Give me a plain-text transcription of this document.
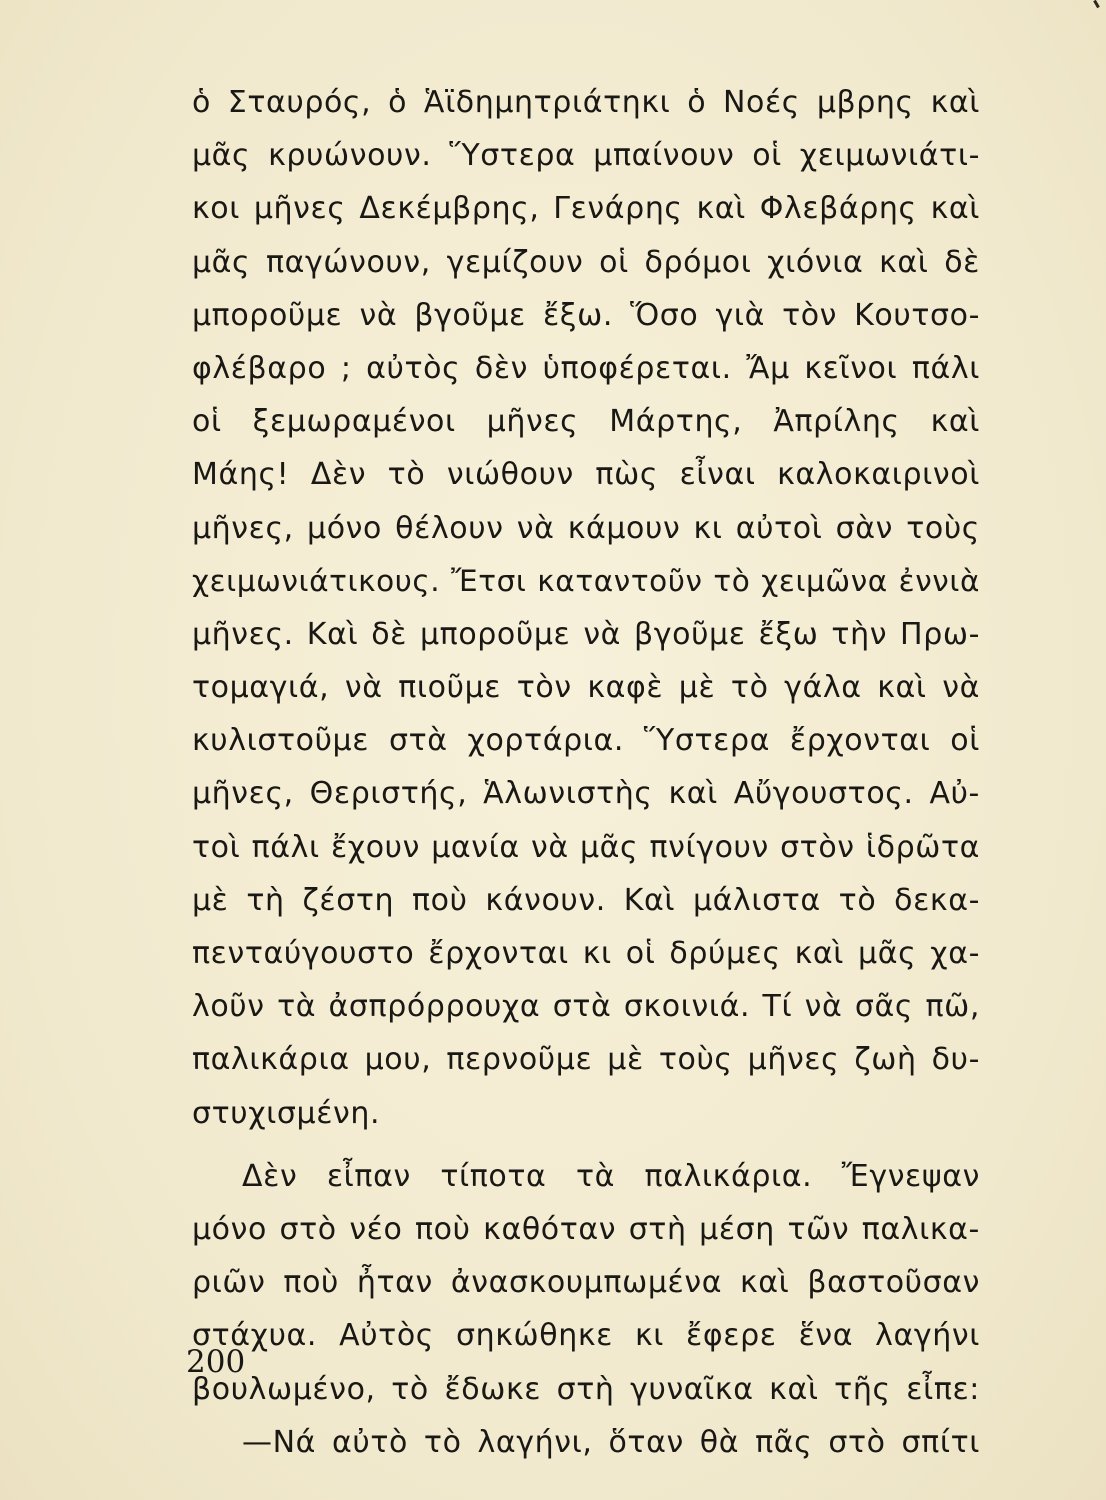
ὁ Σταυρός, ὁ Ἁϊδημητριάτηκι ὁ Νοές μβρης καὶ
μᾶς κρυώνουν. Ὕστερα μπαίνουν οἱ χειμωνιάτι-
κοι μῆνες Δεκέμβρης, Γενάρης καὶ Φλεβάρης καὶ
μᾶς παγώνουν, γεμίζουν οἱ δρόμοι χιόνια καὶ δὲ
μποροῦμε νὰ βγοῦμε ἔξω. Ὅσο γιὰ τὸν Κουτσο-
φλέβαρο ; αὐτὸς δὲν ὑποφέρεται. Ἄμ κεῖνοι πάλι
οἱ ξεμωραμένοι μῆνες Μάρτης, Ἀπρίλης καὶ
Μάης! Δὲν τὸ νιώθουν πὼς εἶναι καλοκαιρινοὶ
μῆνες, μόνο θέλουν νὰ κάμουν κι αὐτοὶ σὰν τοὺς
χειμωνιάτικους. Ἔτσι καταντοῦν τὸ χειμῶνα ἐννιὰ
μῆνες. Καὶ δὲ μποροῦμε νὰ βγοῦμε ἔξω τὴν Πρω-
τομαγιά, νὰ πιοῦμε τὸν καφὲ μὲ τὸ γάλα καὶ νὰ
κυλιστοῦμε στὰ χορτάρια. Ὕστερα ἔρχονται οἱ
μῆνες, Θεριστής, Ἁλωνιστὴς καὶ Αὔγουστος. Αὐ-
τοὶ πάλι ἔχουν μανία νὰ μᾶς πνίγουν στὸν ἱδρῶτα
μὲ τὴ ζέστη ποὺ κάνουν. Καὶ μάλιστα τὸ δεκα-
πενταύγουστο ἔρχονται κι οἱ δρύμες καὶ μᾶς χα-
λοῦν τὰ ἀσπρόρρουχα στὰ σκοινιά. Τί νὰ σᾶς πῶ,
παλικάρια μου, περνοῦμε μὲ τοὺς μῆνες ζωὴ δυ-
στυχισμένη.
Δὲν εἶπαν τίποτα τὰ παλικάρια. Ἔγνεψαν
μόνο στὸ νέο ποὺ καθόταν στὴ μέση τῶν παλικα-
ριῶν ποὺ ἦταν ἀνασκουμπωμένα καὶ βαστοῦσαν
στάχυα. Αὐτὸς σηκώθηκε κι ἔφερε ἕνα λαγήνι
βουλωμένο, τὸ ἔδωκε στὴ γυναῖκα καὶ τῆς εἶπε:
—Νά αὐτὸ τὸ λαγήνι, ὅταν θὰ πᾶς στὸ σπίτι
200
